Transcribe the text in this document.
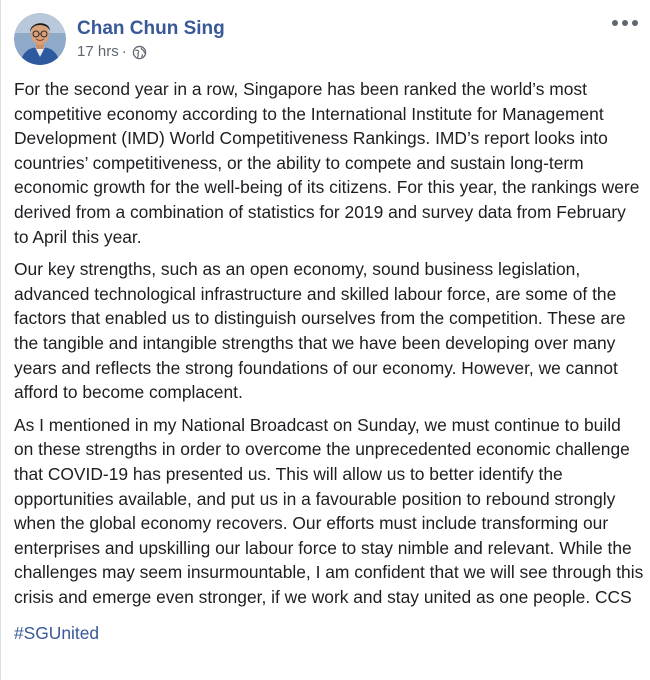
Chan Chun Sing
17 hrs ·

For the second year in a row, Singapore has been ranked the world’s most competitive economy according to the International Institute for Management Development (IMD) World Competitiveness Rankings. IMD’s report looks into countries’ competitiveness, or the ability to compete and sustain long-term economic growth for the well-being of its citizens. For this year, the rankings were derived from a combination of statistics for 2019 and survey data from February to April this year.

Our key strengths, such as an open economy, sound business legislation, advanced technological infrastructure and skilled labour force, are some of the factors that enabled us to distinguish ourselves from the competition. These are the tangible and intangible strengths that we have been developing over many years and reflects the strong foundations of our economy. However, we cannot afford to become complacent.

As I mentioned in my National Broadcast on Sunday, we must continue to build on these strengths in order to overcome the unprecedented economic challenge that COVID-19 has presented us. This will allow us to better identify the opportunities available, and put us in a favourable position to rebound strongly when the global economy recovers. Our efforts must include transforming our enterprises and upskilling our labour force to stay nimble and relevant. While the challenges may seem insurmountable, I am confident that we will see through this crisis and emerge even stronger, if we work and stay united as one people. CCS

#SGUnited
